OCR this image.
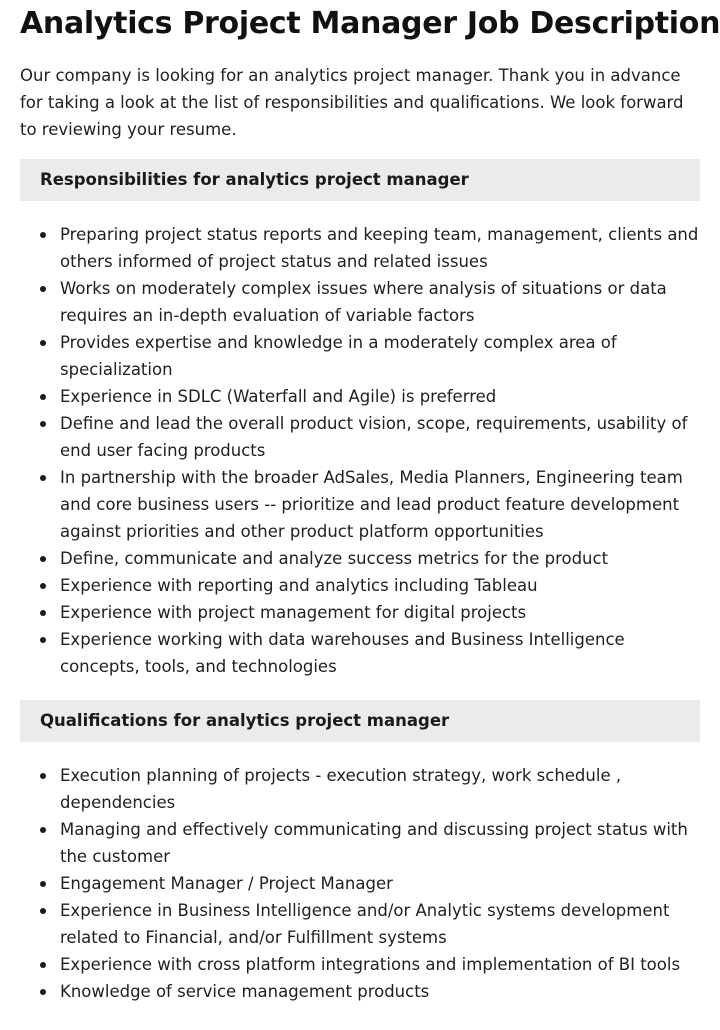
Analytics Project Manager Job Description

Our company is looking for an analytics project manager. Thank you in advance for taking a look at the list of responsibilities and qualifications. We look forward to reviewing your resume.

Responsibilities for analytics project manager
Preparing project status reports and keeping team, management, clients and others informed of project status and related issues
Works on moderately complex issues where analysis of situations or data requires an in-depth evaluation of variable factors
Provides expertise and knowledge in a moderately complex area of specialization
Experience in SDLC (Waterfall and Agile) is preferred
Define and lead the overall product vision, scope, requirements, usability of end user facing products
In partnership with the broader AdSales, Media Planners, Engineering team and core business users -- prioritize and lead product feature development against priorities and other product platform opportunities
Define, communicate and analyze success metrics for the product
Experience with reporting and analytics including Tableau
Experience with project management for digital projects
Experience working with data warehouses and Business Intelligence concepts, tools, and technologies
Qualifications for analytics project manager
Execution planning of projects - execution strategy, work schedule , dependencies
Managing and effectively communicating and discussing project status with the customer
Engagement Manager / Project Manager
Experience in Business Intelligence and/or Analytic systems development related to Financial, and/or Fulfillment systems
Experience with cross platform integrations and implementation of BI tools
Knowledge of service management products
